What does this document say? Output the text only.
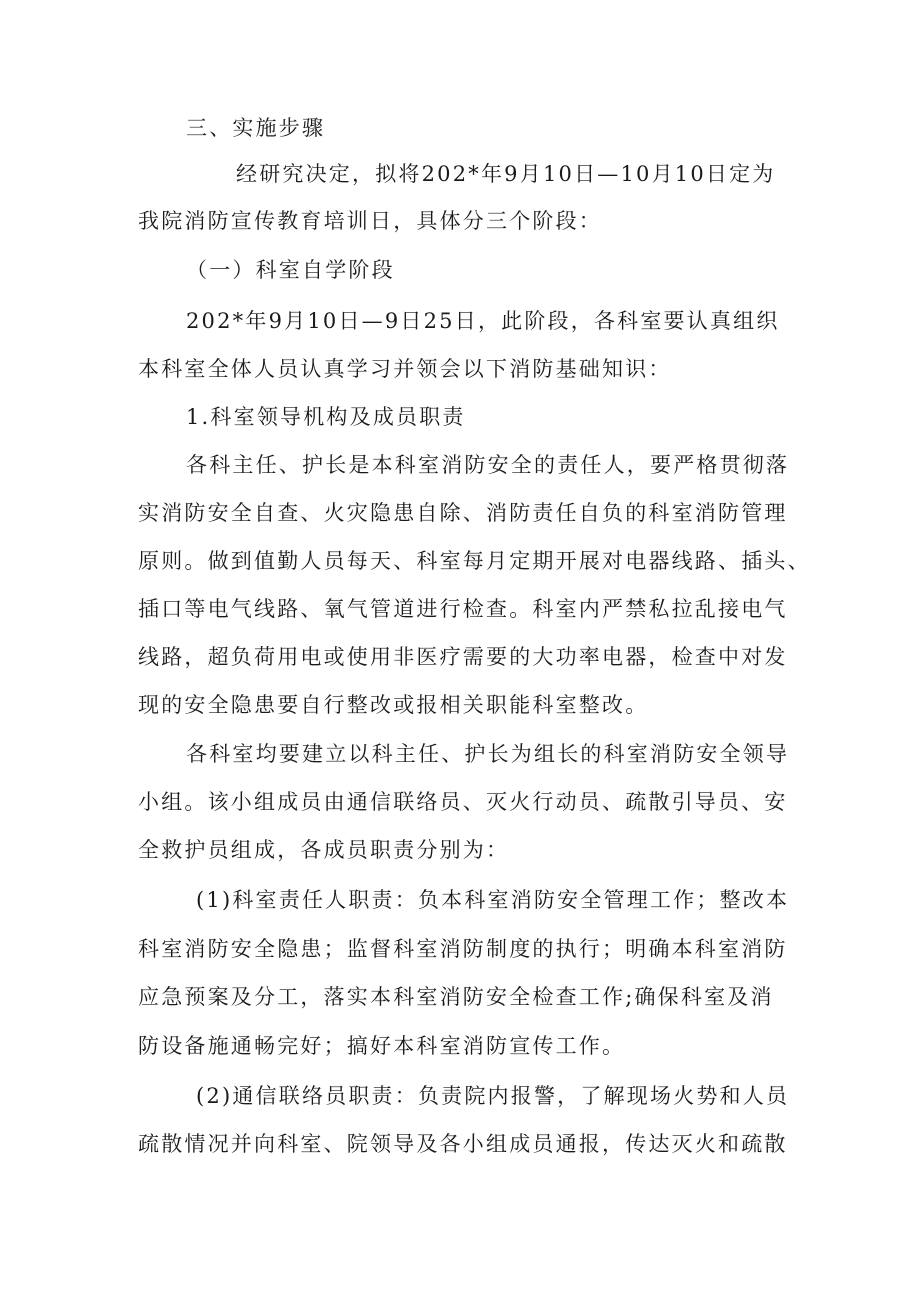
三、实施步骤

经研究决定，拟将202*年9月10日—10月10日定为

我院消防宣传教育培训日，具体分三个阶段：

（一）科室自学阶段

202*年9月10日—9日25日，此阶段，各科室要认真组织

本科室全体人员认真学习并领会以下消防基础知识：

1.科室领导机构及成员职责

各科主任、护长是本科室消防安全的责任人，要严格贯彻落

实消防安全自查、火灾隐患自除、消防责任自负的科室消防管理

原则。做到值勤人员每天、科室每月定期开展对电器线路、插头、

插口等电气线路、氧气管道进行检查。科室内严禁私拉乱接电气

线路，超负荷用电或使用非医疗需要的大功率电器，检查中对发

现的安全隐患要自行整改或报相关职能科室整改。

各科室均要建立以科主任、护长为组长的科室消防安全领导

小组。该小组成员由通信联络员、灭火行动员、疏散引导员、安

全救护员组成，各成员职责分别为：

(1)科室责任人职责：负本科室消防安全管理工作；整改本

科室消防安全隐患；监督科室消防制度的执行；明确本科室消防

应急预案及分工，落实本科室消防安全检查工作;确保科室及消

防设备施通畅完好；搞好本科室消防宣传工作。

(2)通信联络员职责：负责院内报警，了解现场火势和人员

疏散情况并向科室、院领导及各小组成员通报，传达灭火和疏散
